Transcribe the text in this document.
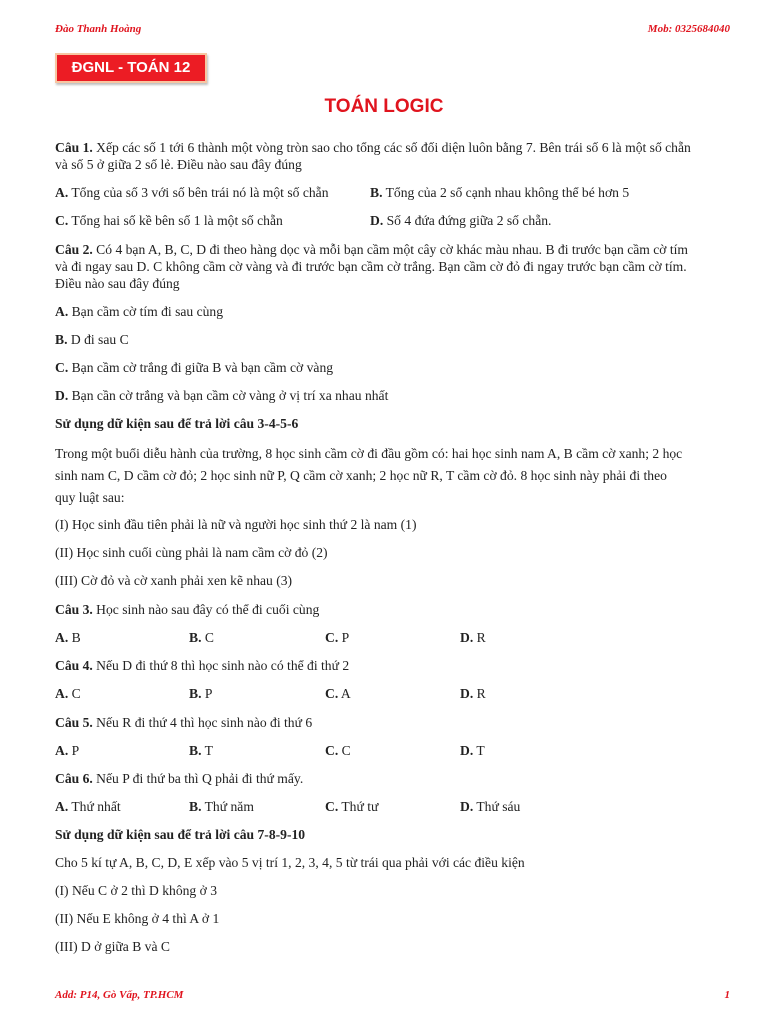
Đào Thanh Hoàng	Mob: 0325684040
ĐGNL - TOÁN 12
TOÁN LOGIC
Câu 1. Xếp các số 1 tới 6 thành một vòng tròn sao cho tổng các số đối diện luôn bằng 7. Bên trái số 6 là một số chẵn
và số 5 ở giữa 2 số lẻ. Điều nào sau đây đúng
A. Tổng của số 3 với số bên trái nó là một số chẵn	B. Tổng của 2 số cạnh nhau không thể bé hơn 5
C. Tổng hai số kề bên số 1 là một số chẵn	D. Số 4 đứa đứng giữa 2 số chẵn.
Câu 2. Có 4 bạn A, B, C, D đi theo hàng dọc và mỗi bạn cầm một cây cờ khác màu nhau. B đi trước bạn cầm cờ tím
và đi ngay sau D. C không cầm cờ vàng và đi trước bạn cầm cờ trắng. Bạn cầm cờ đỏ đi ngay trước bạn cầm cờ tím.
Điều nào sau đây đúng
A. Bạn cầm cờ tím đi sau cùng
B. D đi sau C
C. Bạn cầm cờ trắng đi giữa B và bạn cầm cờ vàng
D. Bạn cần cờ trắng và bạn cầm cờ vàng ở vị trí xa nhau nhất
Sử dụng dữ kiện sau để trả lời câu 3-4-5-6
Trong một buổi diễu hành của trường, 8 học sinh cầm cờ đi đầu gồm có: hai học sinh nam A, B cầm cờ xanh; 2 học
sinh nam C, D cầm cờ đỏ; 2 học sinh nữ P, Q cầm cờ xanh; 2 học nữ R, T cầm cờ đỏ. 8 học sinh này phải đi theo
quy luật sau:
(I) Học sinh đầu tiên phải là nữ và người học sinh thứ 2 là nam (1)
(II) Học sinh cuối cùng phải là nam cầm cờ đỏ (2)
(III) Cờ đỏ và cờ xanh phải xen kẽ nhau (3)
Câu 3. Học sinh nào sau đây có thể đi cuối cùng
A. B	B. C	C. P	D. R
Câu 4. Nếu D đi thứ 8 thì học sinh nào có thể đi thứ 2
A. C	B. P	C. A	D. R
Câu 5. Nếu R đi thứ 4 thì học sinh nào đi thứ 6
A. P	B. T	C. C	D. T
Câu 6. Nếu P đi thứ ba thì Q phải đi thứ mấy.
A. Thứ nhất	B. Thứ năm	C. Thứ tư	D. Thứ sáu
Sử dụng dữ kiện sau để trả lời câu 7-8-9-10
Cho 5 kí tự A, B, C, D, E xếp vào 5 vị trí 1, 2, 3, 4, 5 từ trái qua phải với các điều kiện
(I) Nếu C ở 2 thì D không ở 3
(II) Nếu E không ở 4 thì A ở 1
(III) D ở giữa B và C
Add: P14, Gò Vấp, TP.HCM	1
